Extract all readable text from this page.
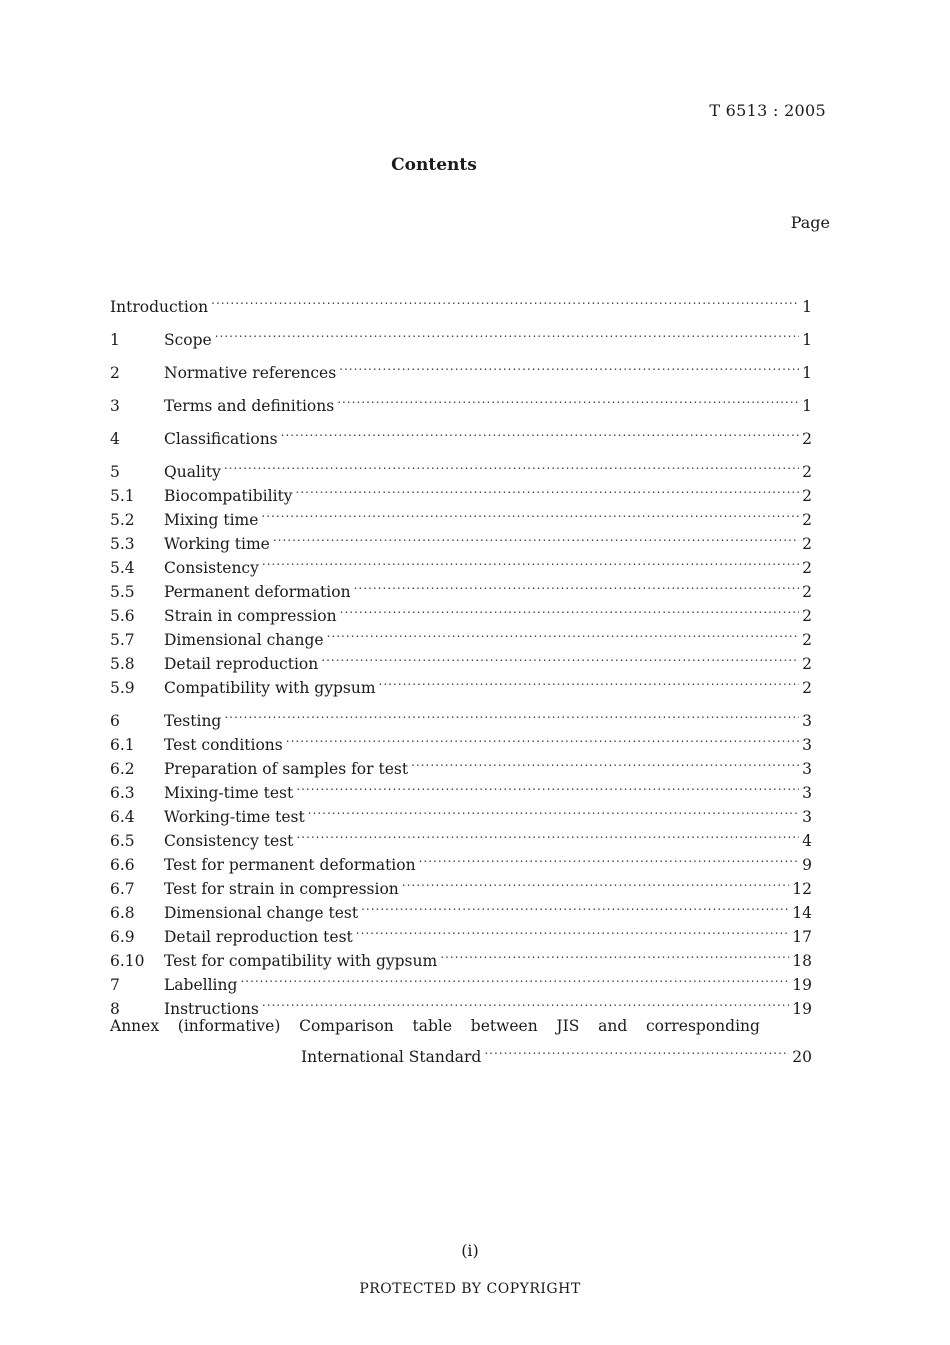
T 6513 : 2005
Contents
Page
Introduction .....	1
1	Scope .....	1
2	Normative references .....	1
3	Terms and definitions .....	1
4	Classifications .....	2
5	Quality .....	2
5.1	Biocompatibility .....	2
5.2	Mixing time .....	2
5.3	Working time .....	2
5.4	Consistency .....	2
5.5	Permanent deformation .....	2
5.6	Strain in compression .....	2
5.7	Dimensional change .....	2
5.8	Detail reproduction .....	2
5.9	Compatibility with gypsum .....	2
6	Testing .....	3
6.1	Test conditions .....	3
6.2	Preparation of samples for test .....	3
6.3	Mixing-time test .....	3
6.4	Working-time test .....	3
6.5	Consistency test .....	4
6.6	Test for permanent deformation .....	9
6.7	Test for strain in compression .....	12
6.8	Dimensional change test .....	14
6.9	Detail reproduction test .....	17
6.10	Test for compatibility with gypsum .....	18
7	Labelling .....	19
8	Instructions .....	19
Annex (informative) Comparison table between JIS and corresponding
International Standard .....	20
(i)
PROTECTED BY COPYRIGHT
